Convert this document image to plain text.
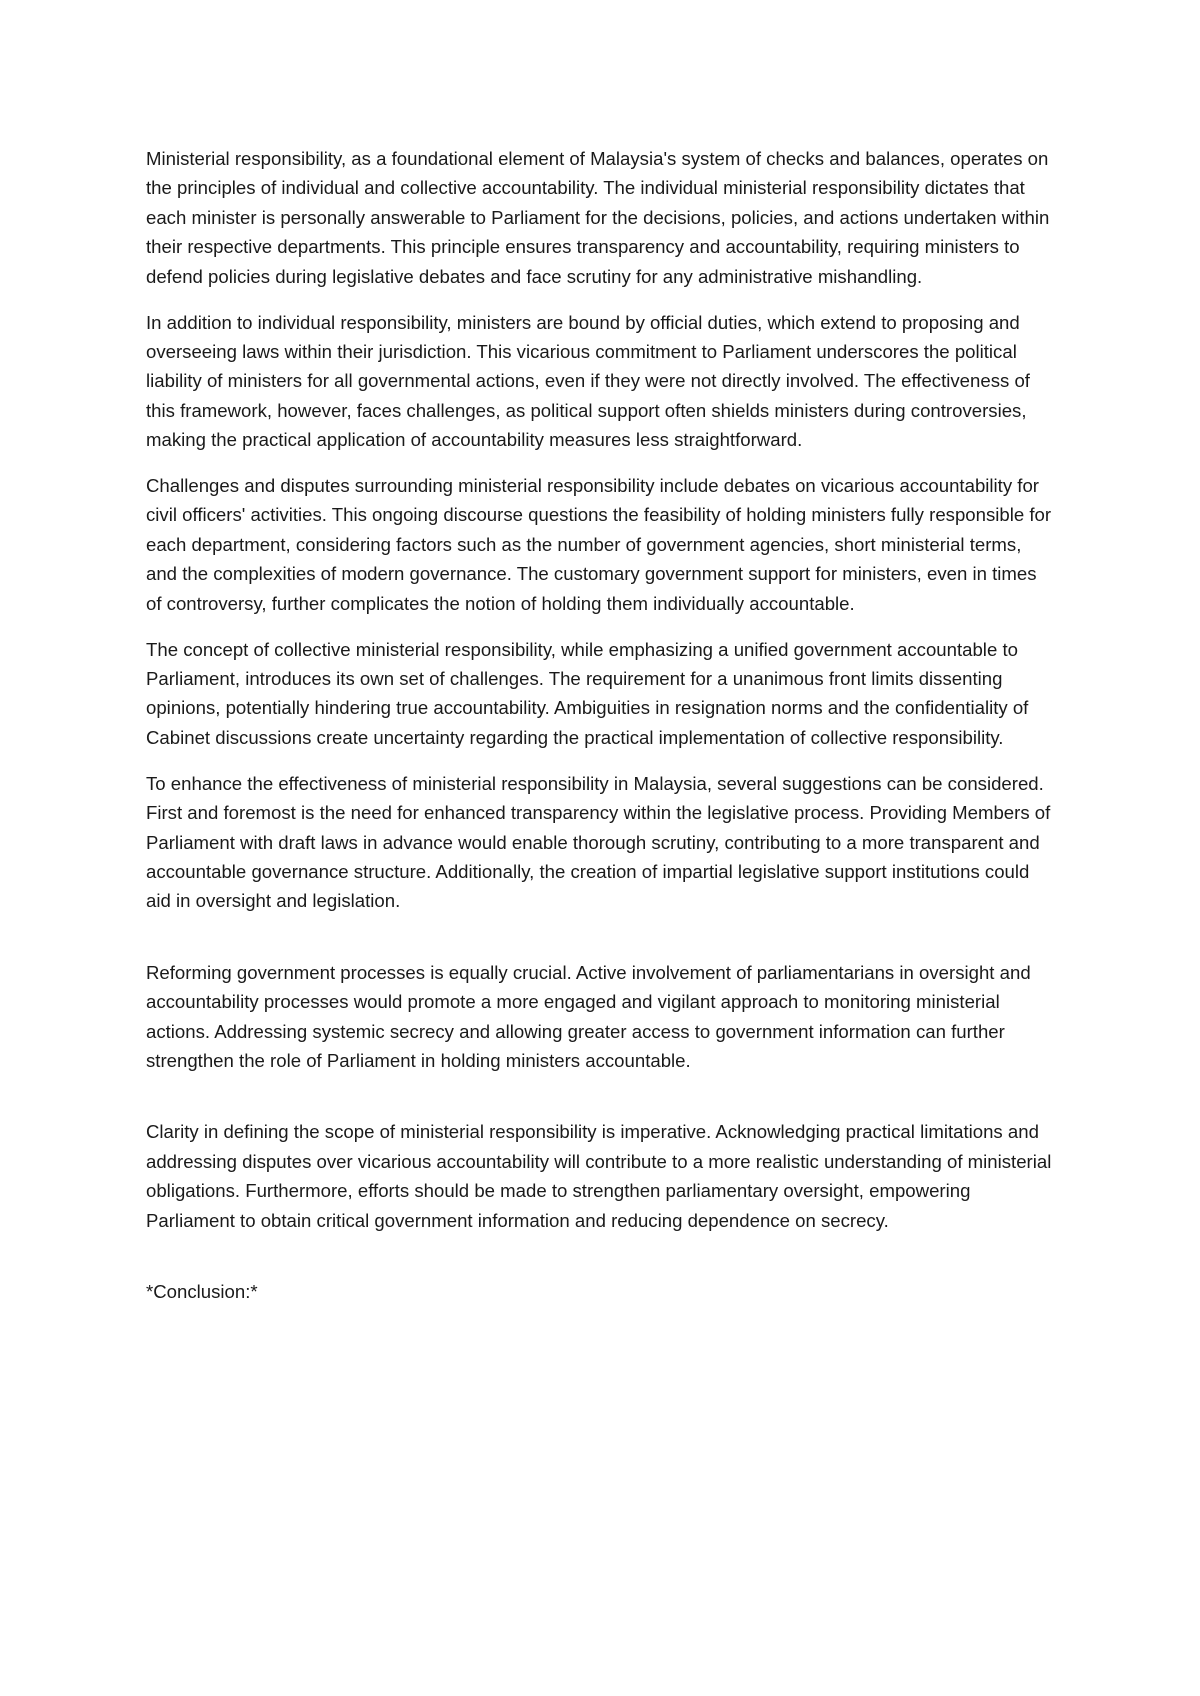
Ministerial responsibility, as a foundational element of Malaysia's system of checks and balances, operates on the principles of individual and collective accountability. The individual ministerial responsibility dictates that each minister is personally answerable to Parliament for the decisions, policies, and actions undertaken within their respective departments. This principle ensures transparency and accountability, requiring ministers to defend policies during legislative debates and face scrutiny for any administrative mishandling.

In addition to individual responsibility, ministers are bound by official duties, which extend to proposing and overseeing laws within their jurisdiction. This vicarious commitment to Parliament underscores the political liability of ministers for all governmental actions, even if they were not directly involved. The effectiveness of this framework, however, faces challenges, as political support often shields ministers during controversies, making the practical application of accountability measures less straightforward.

Challenges and disputes surrounding ministerial responsibility include debates on vicarious accountability for civil officers' activities. This ongoing discourse questions the feasibility of holding ministers fully responsible for each department, considering factors such as the number of government agencies, short ministerial terms, and the complexities of modern governance. The customary government support for ministers, even in times of controversy, further complicates the notion of holding them individually accountable.

The concept of collective ministerial responsibility, while emphasizing a unified government accountable to Parliament, introduces its own set of challenges. The requirement for a unanimous front limits dissenting opinions, potentially hindering true accountability. Ambiguities in resignation norms and the confidentiality of Cabinet discussions create uncertainty regarding the practical implementation of collective responsibility.

To enhance the effectiveness of ministerial responsibility in Malaysia, several suggestions can be considered. First and foremost is the need for enhanced transparency within the legislative process. Providing Members of Parliament with draft laws in advance would enable thorough scrutiny, contributing to a more transparent and accountable governance structure. Additionally, the creation of impartial legislative support institutions could aid in oversight and legislation.

Reforming government processes is equally crucial. Active involvement of parliamentarians in oversight and accountability processes would promote a more engaged and vigilant approach to monitoring ministerial actions. Addressing systemic secrecy and allowing greater access to government information can further strengthen the role of Parliament in holding ministers accountable.

Clarity in defining the scope of ministerial responsibility is imperative. Acknowledging practical limitations and addressing disputes over vicarious accountability will contribute to a more realistic understanding of ministerial obligations. Furthermore, efforts should be made to strengthen parliamentary oversight, empowering Parliament to obtain critical government information and reducing dependence on secrecy.

*Conclusion:*
